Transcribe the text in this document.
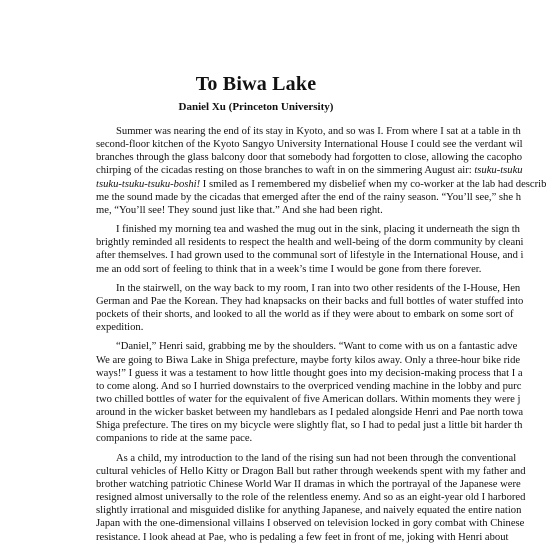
To Biwa Lake
Daniel Xu (Princeton University)

Summer was nearing the end of its stay in Kyoto, and so was I. From where I sat at a table in th
second-floor kitchen of the Kyoto Sangyo University International House I could see the verdant wil
branches through the glass balcony door that somebody had forgotten to close, allowing the cacopho
chirping of the cicadas resting on those branches to waft in on the simmering August air: tsuku-tsuku
tsuku-tsuku-tsuku-boshi! I smiled as I remembered my disbelief when my co-worker at the lab had describ
me the sound made by the cicadas that emerged after the end of the rainy season. “You’ll see,” she h
me, “You’ll see! They sound just like that.” And she had been right.

I finished my morning tea and washed the mug out in the sink, placing it underneath the sign th
brightly reminded all residents to respect the health and well-being of the dorm community by cleani
after themselves. I had grown used to the communal sort of lifestyle in the International House, and i
me an odd sort of feeling to think that in a week’s time I would be gone from there forever.

In the stairwell, on the way back to my room, I ran into two other residents of the I-House, Hen
German and Pae the Korean. They had knapsacks on their backs and full bottles of water stuffed into
pockets of their shorts, and looked to all the world as if they were about to embark on some sort of
expedition.

“Daniel,” Henri said, grabbing me by the shoulders. “Want to come with us on a fantastic adve
We are going to Biwa Lake in Shiga prefecture, maybe forty kilos away. Only a three-hour bike ride
ways!” I guess it was a testament to how little thought goes into my decision-making process that I a
to come along. And so I hurried downstairs to the overpriced vending machine in the lobby and purc
two chilled bottles of water for the equivalent of five American dollars. Within moments they were j
around in the wicker basket between my handlebars as I pedaled alongside Henri and Pae north towa
Shiga prefecture. The tires on my bicycle were slightly flat, so I had to pedal just a little bit harder th
companions to ride at the same pace.

As a child, my introduction to the land of the rising sun had not been through the conventional
cultural vehicles of Hello Kitty or Dragon Ball but rather through weekends spent with my father and
brother watching patriotic Chinese World War II dramas in which the portrayal of the Japanese were
resigned almost universally to the role of the relentless enemy. And so as an eight-year old I harbored
slightly irrational and misguided dislike for anything Japanese, and naively equated the entire nation
Japan with the one-dimensional villains I observed on television locked in gory combat with Chinese
resistance. I look ahead at Pae, who is pedaling a few feet in front of me, joking with Henri about
